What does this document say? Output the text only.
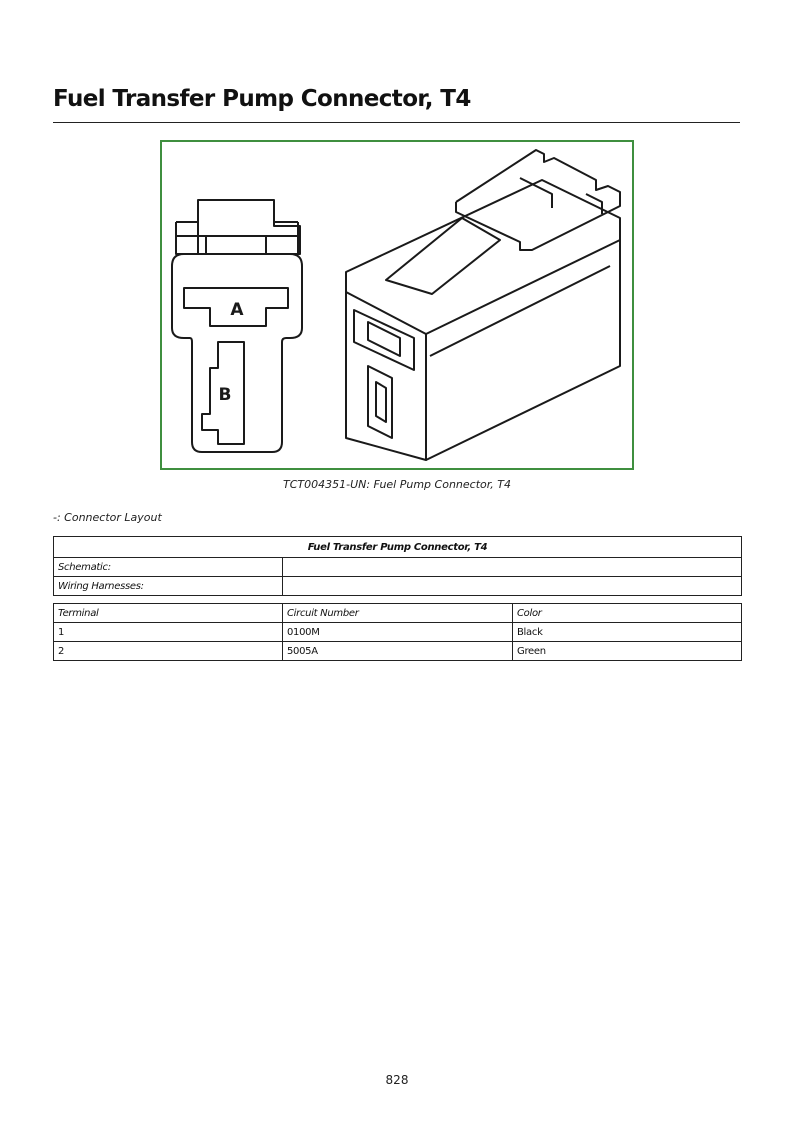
Fuel Transfer Pump Connector, T4
A
B
TCT004351-UN: Fuel Pump Connector, T4
-: Connector Layout
Fuel Transfer Pump Connector, T4		
Schematic:		
Wiring Harnesses:		

Terminal	Circuit Number	Color
1	0100M	Black
2	5005A	Green
828
